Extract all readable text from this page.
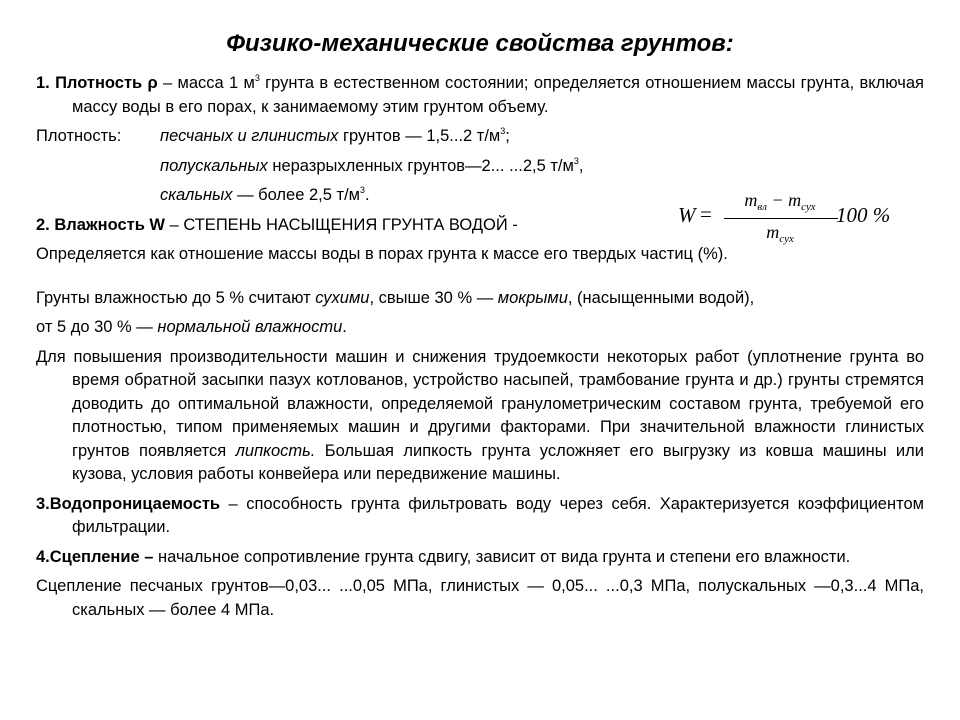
Физико-механические свойства грунтов:

1. Плотность ρ – масса 1 $м^3$ грунта в естественном состоянии; определяется отношением массы грунта, включая массу воды в его порах, к занимаемому этим грунтом объему.

Плотность: песчаных и глинистых грунтов — 1,5...2 $т/м^3$;

полускальных неразрыхленных грунтов—2... ...2,5 $т/м^3$,

скальных — более 2,5 $т/м^3$.

2. Влажность W – СТЕПЕНЬ НАСЫЩЕНИЯ ГРУНТА ВОДОЙ -

Определяется как отношение массы воды в порах грунта к массе его твердых частиц (%).

Грунты влажностью до 5 % считают сухими, свыше 30 % — мокрыми, (насыщенными водой),

от 5 до 30 % — нормальной влажности.

Для повышения производительности машин и снижения трудоемкости некоторых работ (уплотнение грунта во время обратной засыпки пазух котлованов, устройство насыпей, трамбование грунта и др.) грунты стремятся доводить до оптимальной влажности, определяемой гранулометрическим составом грунта, требуемой его плотностью, типом применяемых машин и другими факторами. При значительной влажности глинистых грунтов появляется липкость. Большая липкость грунта усложняет его выгрузку из ковша машины или кузова, условия работы конвейера или передвижение машины.

3.Водопроницаемость – способность грунта фильтровать воду через себя. Характеризуется коэффициентом фильтрации.

4.Сцепление – начальное сопротивление грунта сдвигу, зависит от вида грунта и степени его влажности.

Сцепление песчаных грунтов—0,03... ...0,05 МПа, глинистых — 0,05... ...0,3 МПа, полускальных —0,3...4 МПа, скальных — более 4 МПа.

W =
$m_{вл} - m_{сух}$
$m_{сух}$
100 %
